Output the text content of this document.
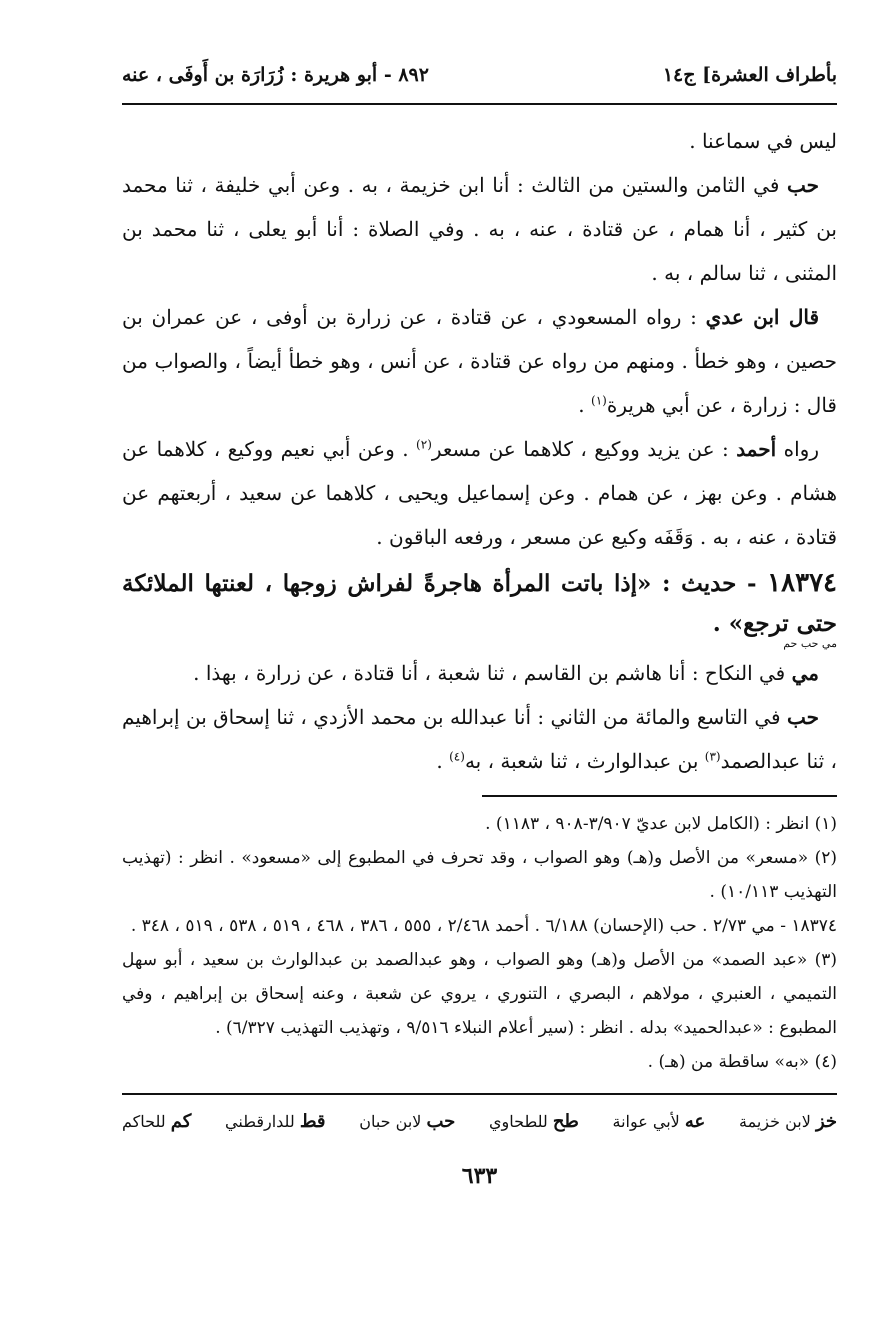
بأطراف العشرة] ج١٤
٨٩٢ - أبو هريرة : زُرَارَة بن أَوفَى ، عنه

ليس في سماعنا .

حب في الثامن والستين من الثالث : أنا ابن خزيمة ، به . وعن أبي خليفة ، ثنا محمد بن كثير ، أنا همام ، عن قتادة ، عنه ، به . وفي الصلاة : أنا أبو يعلى ، ثنا محمد بن المثنى ، ثنا سالم ، به .

قال ابن عدي : رواه المسعودي ، عن قتادة ، عن زرارة بن أوفى ، عن عمران بن حصين ، وهو خطأ . ومنهم من رواه عن قتادة ، عن أنس ، وهو خطأ أيضاً ، والصواب من قال : زرارة ، عن أبي هريرة$^{(١)}$ .

رواه أحمد : عن يزيد ووكيع ، كلاهما عن مسعر$^{(٢)}$ . وعن أبي نعيم ووكيع ، كلاهما عن هشام . وعن بهز ، عن همام . وعن إسماعيل ويحيى ، كلاهما عن سعيد ، أربعتهم عن قتادة ، عنه ، به . وَقَفَه وكيع عن مسعر ، ورفعه الباقون .

١٨٣٧٤ - حديث : «إذا باتت المرأة هاجرةً لفراش زوجها ، لعنتها الملائكة حتى ترجع» .
مي حب حم

مي في النكاح : أنا هاشم بن القاسم ، ثنا شعبة ، أنا قتادة ، عن زرارة ، بهذا .

حب في التاسع والمائة من الثاني : أنا عبدالله بن محمد الأزدي ، ثنا إسحاق بن إبراهيم ، ثنا عبدالصمد$^{(٣)}$ بن عبدالوارث ، ثنا شعبة ، به$^{(٤)}$ .

(١) انظر : (الكامل لابن عديّ ٣/٩٠٧-٩٠٨ ، ١١٨٣) .

(٢) «مسعر» من الأصل و(هـ) وهو الصواب ، وقد تحرف في المطبوع إلى «مسعود» . انظر : (تهذيب التهذيب ١٠/١١٣) .

١٨٣٧٤ - مي ٢/٧٣ . حب (الإحسان) ٦/١٨٨ . أحمد ٢/٤٦٨ ، ٥٥٥ ، ٣٨٦ ، ٤٦٨ ، ٥١٩ ، ٥٣٨ ، ٥١٩ ، ٣٤٨ .

(٣) «عبد الصمد» من الأصل و(هـ) وهو الصواب ، وهو عبدالصمد بن عبدالوارث بن سعيد ، أبو سهل التميمي ، العنبري ، مولاهم ، البصري ، التنوري ، يروي عن شعبة ، وعنه إسحاق بن إبراهيم ، وفي المطبوع : «عبدالحميد» بدله . انظر : (سير أعلام النبلاء ٩/٥١٦ ، وتهذيب التهذيب ٦/٣٢٧) .

(٤) «به» ساقطة من (هـ) .

خز لابن خزيمة
عه لأبي عوانة
طح للطحاوي
حب لابن حبان
قط للدارقطني
كم للحاكم
٦٣٣
